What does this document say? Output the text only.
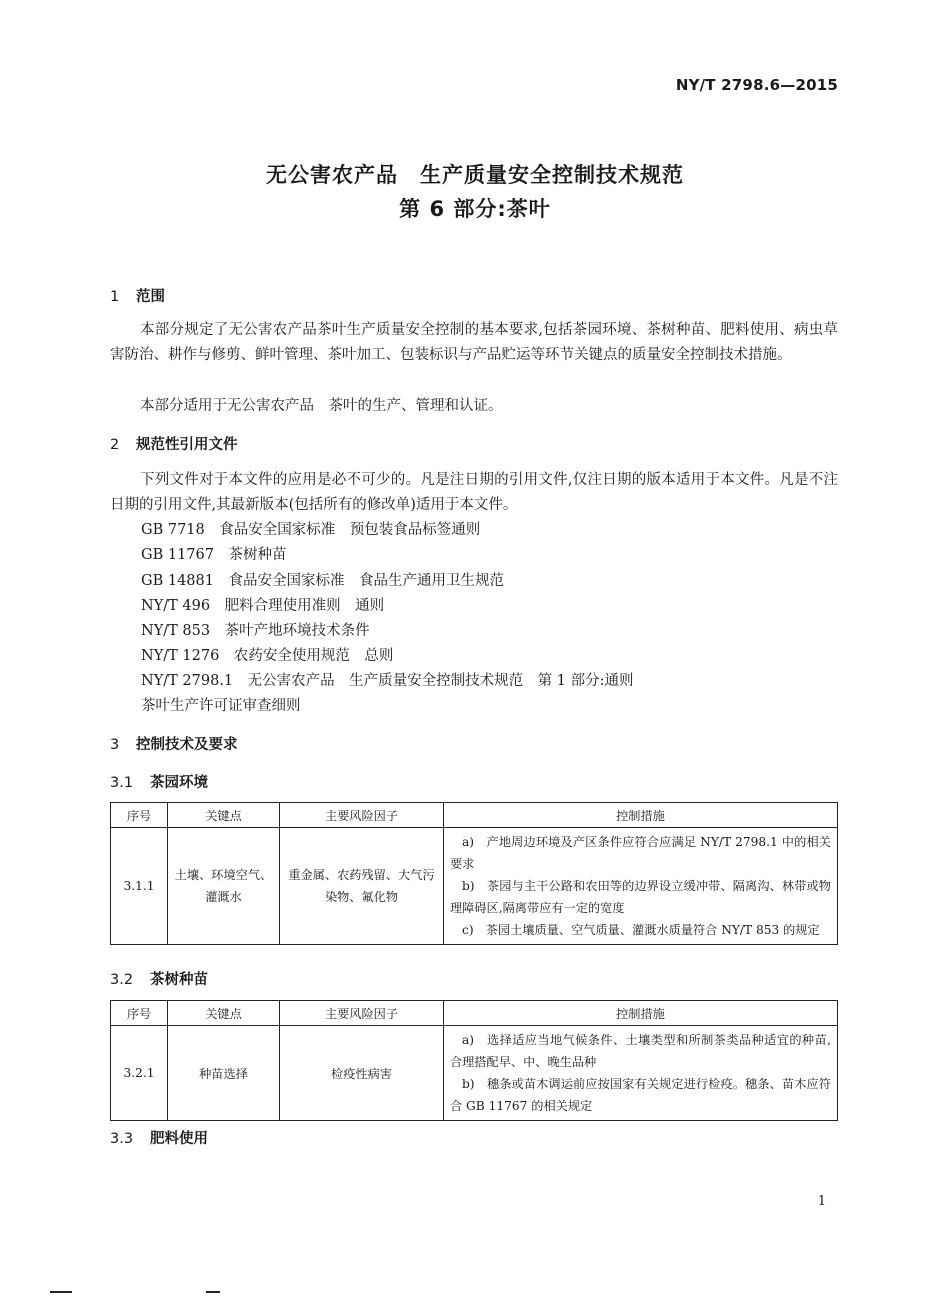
NY/T 2798.6—2015
无公害农产品　生产质量安全控制技术规范
第 6 部分:茶叶
1 范围
本部分规定了无公害农产品茶叶生产质量安全控制的基本要求,包括茶园环境、茶树种苗、肥料使用、病虫草害防治、耕作与修剪、鲜叶管理、茶叶加工、包装标识与产品贮运等环节关键点的质量安全控制技术措施。
本部分适用于无公害农产品　茶叶的生产、管理和认证。
2 规范性引用文件
下列文件对于本文件的应用是必不可少的。凡是注日期的引用文件,仅注日期的版本适用于本文件。凡是不注日期的引用文件,其最新版本(包括所有的修改单)适用于本文件。
GB 7718　食品安全国家标准　预包装食品标签通则
GB 11767　茶树种苗
GB 14881　食品安全国家标准　食品生产通用卫生规范
NY/T 496　肥料合理使用准则　通则
NY/T 853　茶叶产地环境技术条件
NY/T 1276　农药安全使用规范　总则
NY/T 2798.1　无公害农产品　生产质量安全控制技术规范　第 1 部分:通则
茶叶生产许可证审查细则
3 控制技术及要求
3.1 茶园环境
序号	关键点	主要风险因子	控制措施
3.1.1	土壤、环境空气、灌溉水	重金属、农药残留、大气污染物、氟化物	a)　产地周边环境及产区条件应符合应满足 NY/T 2798.1 中的相关要求
b)　茶园与主干公路和农田等的边界设立缓冲带、隔离沟、林带或物理障碍区,隔离带应有一定的宽度
c)　茶园土壤质量、空气质量、灌溉水质量符合 NY/T 853 的规定
3.2 茶树种苗
序号	关键点	主要风险因子	控制措施
3.2.1	种苗选择	检疫性病害	a)　选择适应当地气候条件、土壤类型和所制茶类品种适宜的种苗,合理搭配早、中、晚生品种
b)　穗条或苗木调运前应按国家有关规定进行检疫。穗条、苗木应符合 GB 11767 的相关规定
3.3 肥料使用
1
